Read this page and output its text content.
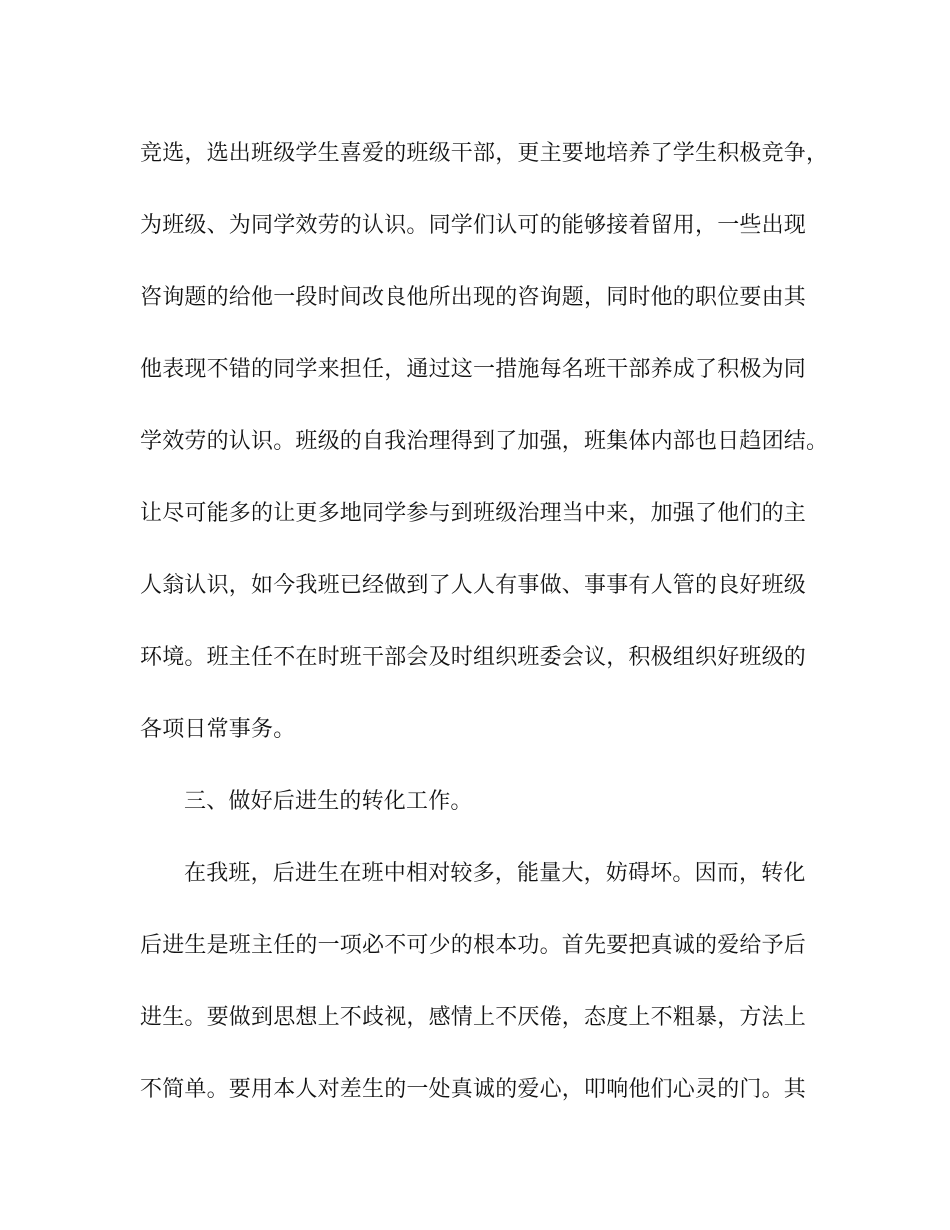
竞选，选出班级学生喜爱的班级干部，更主要地培养了学生积极竞争，
为班级、为同学效劳的认识。同学们认可的能够接着留用，一些出现
咨询题的给他一段时间改良他所出现的咨询题，同时他的职位要由其
他表现不错的同学来担任，通过这一措施每名班干部养成了积极为同
学效劳的认识。班级的自我治理得到了加强，班集体内部也日趋团结。
让尽可能多的让更多地同学参与到班级治理当中来，加强了他们的主
人翁认识，如今我班已经做到了人人有事做、事事有人管的良好班级
环境。班主任不在时班干部会及时组织班委会议，积极组织好班级的
各项日常事务。
三、做好后进生的转化工作。
在我班，后进生在班中相对较多，能量大，妨碍坏。因而，转化
后进生是班主任的一项必不可少的根本功。首先要把真诚的爱给予后
进生。要做到思想上不歧视，感情上不厌倦，态度上不粗暴，方法上
不简单。要用本人对差生的一处真诚的爱心，叩响他们心灵的门。其
